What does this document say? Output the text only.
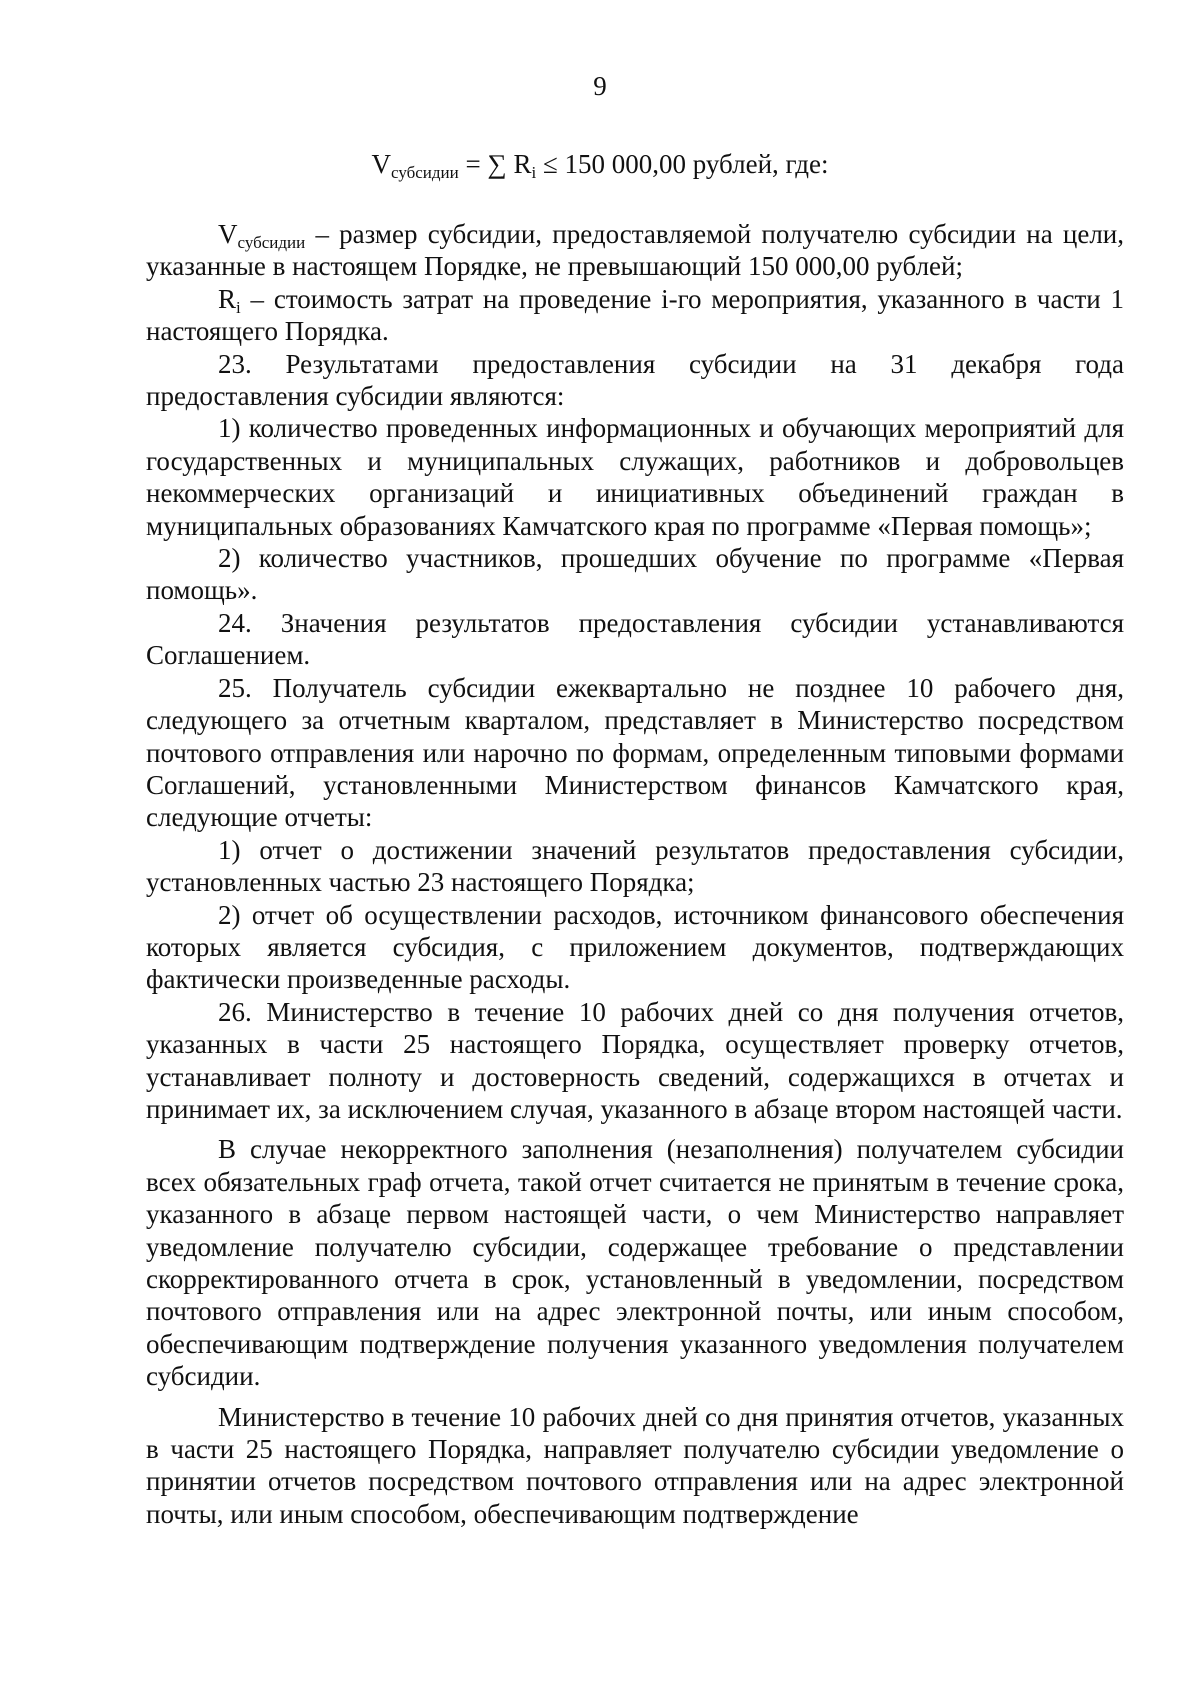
9
$V_{субсидии}$ = ∑ $R_i \le 150$ 000,00 рублей, где:

$V_{субсидии}$ – размер субсидии, предоставляемой получателю субсидии на цели, указанные в настоящем Порядке, не превышающий 150 000,00 рублей;

$R_i$ – стоимость затрат на проведение i-го мероприятия, указанного в части 1 настоящего Порядка.

23. Результатами предоставления субсидии на 31 декабря года предоставления субсидии являются:

1) количество проведенных информационных и обучающих мероприятий для государственных и муниципальных служащих, работников и добровольцев некоммерческих организаций и инициативных объединений граждан в муниципальных образованиях Камчатского края по программе «Первая помощь»;

2) количество участников, прошедших обучение по программе «Первая помощь».

24. Значения результатов предоставления субсидии устанавливаются Соглашением.

25. Получатель субсидии ежеквартально не позднее 10 рабочего дня, следующего за отчетным кварталом, представляет в Министерство посредством почтового отправления или нарочно по формам, определенным типовыми формами Соглашений, установленными Министерством финансов Камчатского края, следующие отчеты:

1) отчет о достижении значений результатов предоставления субсидии, установленных частью 23 настоящего Порядка;

2) отчет об осуществлении расходов, источником финансового обеспечения которых является субсидия, с приложением документов, подтверждающих фактически произведенные расходы.

26. Министерство в течение 10 рабочих дней со дня получения отчетов, указанных в части 25 настоящего Порядка, осуществляет проверку отчетов, устанавливает полноту и достоверность сведений, содержащихся в отчетах и принимает их, за исключением случая, указанного в абзаце втором настоящей части.

В случае некорректного заполнения (незаполнения) получателем субсидии всех обязательных граф отчета, такой отчет считается не принятым в течение срока, указанного в абзаце первом настоящей части, о чем Министерство направляет уведомление получателю субсидии, содержащее требование о представлении скорректированного отчета в срок, установленный в уведомлении, посредством почтового отправления или на адрес электронной почты, или иным способом, обеспечивающим подтверждение получения указанного уведомления получателем субсидии.

Министерство в течение 10 рабочих дней со дня принятия отчетов, указанных в части 25 настоящего Порядка, направляет получателю субсидии уведомление о принятии отчетов посредством почтового отправления или на адрес электронной почты, или иным способом, обеспечивающим подтверждение
